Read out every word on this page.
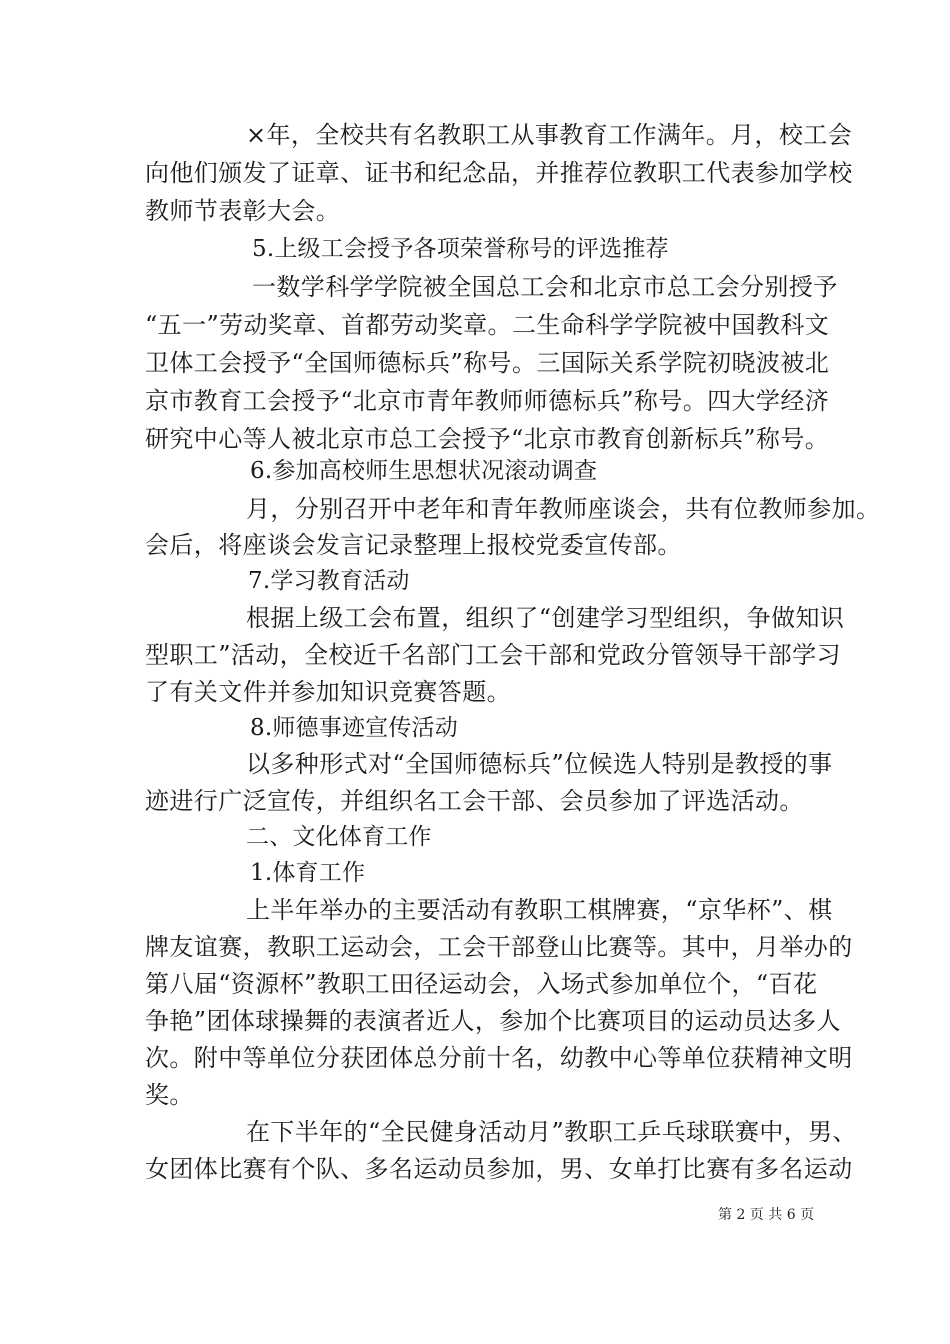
×年，全校共有名教职工从事教育工作满年。月，校工会
向他们颁发了证章、证书和纪念品，并推荐位教职工代表参加学校
教师节表彰大会。
5.上级工会授予各项荣誉称号的评选推荐
一数学科学学院被全国总工会和北京市总工会分别授予
“五一”劳动奖章、首都劳动奖章。二生命科学学院被中国教科文
卫体工会授予“全国师德标兵”称号。三国际关系学院初晓波被北
京市教育工会授予“北京市青年教师师德标兵”称号。四大学经济
研究中心等人被北京市总工会授予“北京市教育创新标兵”称号。
6.参加高校师生思想状况滚动调查
月，分别召开中老年和青年教师座谈会，共有位教师参加。
会后，将座谈会发言记录整理上报校党委宣传部。
7.学习教育活动
根据上级工会布置，组织了“创建学习型组织，争做知识
型职工”活动，全校近千名部门工会干部和党政分管领导干部学习
了有关文件并参加知识竞赛答题。
8.师德事迹宣传活动
以多种形式对“全国师德标兵”位候选人特别是教授的事
迹进行广泛宣传，并组织名工会干部、会员参加了评选活动。
二、文化体育工作
1.体育工作
上半年举办的主要活动有教职工棋牌赛，“京华杯”、棋
牌友谊赛，教职工运动会，工会干部登山比赛等。其中，月举办的
第八届“资源杯”教职工田径运动会，入场式参加单位个，“百花
争艳”团体球操舞的表演者近人，参加个比赛项目的运动员达多人
次。附中等单位分获团体总分前十名，幼教中心等单位获精神文明
奖。
在下半年的“全民健身活动月”教职工乒乓球联赛中，男、
女团体比赛有个队、多名运动员参加，男、女单打比赛有多名运动
第 2 页 共 6 页
